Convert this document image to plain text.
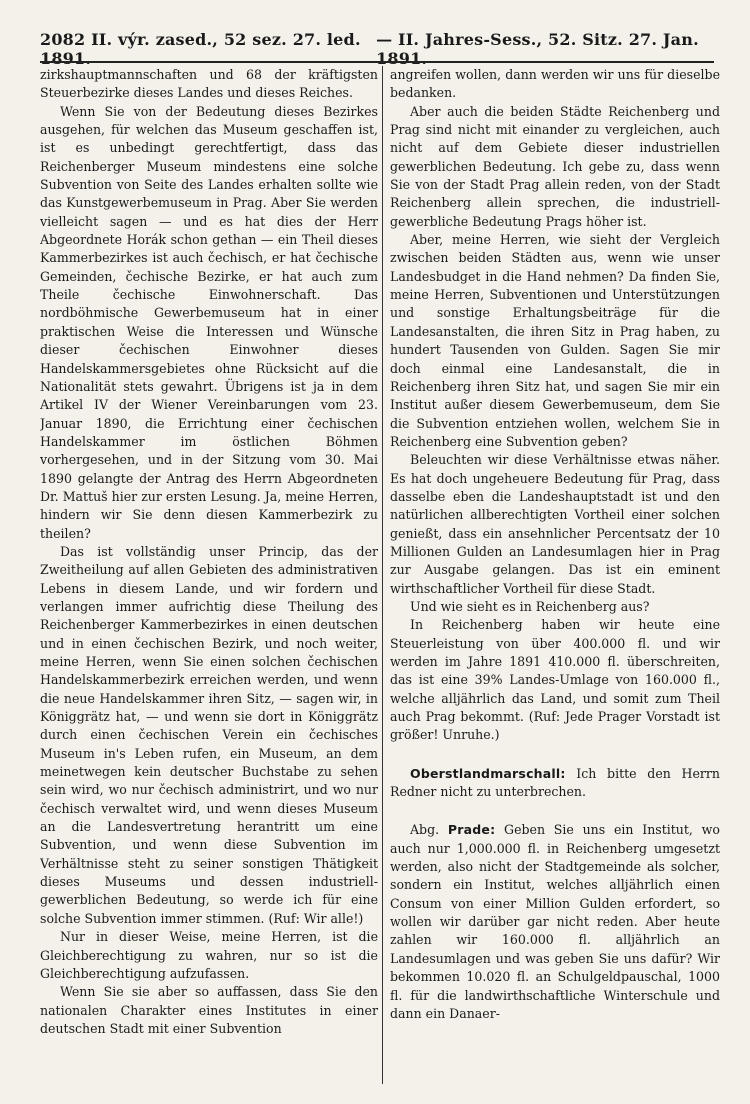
2082 II. výr. zased., 52 sez. 27. led. 1891.
— II. Jahres-Sess., 52. Sitz. 27. Jan. 1891.

zirkshauptmannschaften und 68 der kräftigsten Steuerbezirke dieses Landes und dieses Reiches.

Wenn Sie von der Bedeutung dieses Bezirkes ausgehen, für welchen das Museum geschaffen ist, ist es unbedingt gerechtfertigt, dass das Reichenberger Museum mindestens eine solche Subvention von Seite des Landes erhalten sollte wie das Kunstgewerbemuseum in Prag. Aber Sie werden vielleicht sagen — und es hat dies der Herr Abgeordnete Horák schon gethan — ein Theil dieses Kammerbezirkes ist auch čechisch, er hat čechische Gemeinden, čechische Bezirke, er hat auch zum Theile čechische Einwohnerschaft. Das nordböhmische Gewerbemuseum hat in einer praktischen Weise die Interessen und Wünsche dieser čechischen Einwohner dieses Handelskammersgebietes ohne Rücksicht auf die Nationalität stets gewahrt. Übrigens ist ja in dem Artikel IV der Wiener Vereinbarungen vom 23. Januar 1890, die Errichtung einer čechischen Handelskammer im östlichen Böhmen vorhergesehen, und in der Sitzung vom 30. Mai 1890 gelangte der Antrag des Herrn Abgeordneten Dr. Mattuš hier zur ersten Lesung. Ja, meine Herren, hindern wir Sie denn diesen Kammerbezirk zu theilen?

Das ist vollständig unser Princip, das der Zweitheilung auf allen Gebieten des administrativen Lebens in diesem Lande, und wir fordern und verlangen immer aufrichtig diese Theilung des Reichenberger Kammerbezirkes in einen deutschen und in einen čechischen Bezirk, und noch weiter, meine Herren, wenn Sie einen solchen čechischen Handelskammerbezirk erreichen werden, und wenn die neue Handelskammer ihren Sitz, — sagen wir, in Königgrätz hat, — und wenn sie dort in Königgrätz durch einen čechischen Verein ein čechisches Museum in's Leben rufen, ein Museum, an dem meinetwegen kein deutscher Buchstabe zu sehen sein wird, wo nur čechisch administrirt, und wo nur čechisch verwaltet wird, und wenn dieses Museum an die Landesvertretung herantritt um eine Subvention, und wenn diese Subvention im Verhältnisse steht zu seiner sonstigen Thätigkeit dieses Museums und dessen industriell-gewerblichen Bedeutung, so werde ich für eine solche Subvention immer stimmen. (Ruf: Wir alle!)

Nur in dieser Weise, meine Herren, ist die Gleichberechtigung zu wahren, nur so ist die Gleichberechtigung aufzufassen.

Wenn Sie sie aber so auffassen, dass Sie den nationalen Charakter eines Institutes in einer deutschen Stadt mit einer Subvention

angreifen wollen, dann werden wir uns für dieselbe bedanken.

Aber auch die beiden Städte Reichenberg und Prag sind nicht mit einander zu vergleichen, auch nicht auf dem Gebiete dieser industriellen gewerblichen Bedeutung. Ich gebe zu, dass wenn Sie von der Stadt Prag allein reden, von der Stadt Reichenberg allein sprechen, die industriell-gewerbliche Bedeutung Prags höher ist.

Aber, meine Herren, wie sieht der Vergleich zwischen beiden Städten aus, wenn wie unser Landesbudget in die Hand nehmen? Da finden Sie, meine Herren, Subventionen und Unterstützungen und sonstige Erhaltungsbeiträge für die Landesanstalten, die ihren Sitz in Prag haben, zu hundert Tausenden von Gulden. Sagen Sie mir doch einmal eine Landesanstalt, die in Reichenberg ihren Sitz hat, und sagen Sie mir ein Institut außer diesem Gewerbemuseum, dem Sie die Subvention entziehen wollen, welchem Sie in Reichenberg eine Subvention geben?

Beleuchten wir diese Verhältnisse etwas näher. Es hat doch ungeheuere Bedeutung für Prag, dass dasselbe eben die Landeshauptstadt ist und den natürlichen allberechtigten Vortheil einer solchen genießt, dass ein ansehnlicher Percentsatz der 10 Millionen Gulden an Landesumlagen hier in Prag zur Ausgabe gelangen. Das ist ein eminent wirthschaftlicher Vortheil für diese Stadt.

Und wie sieht es in Reichenberg aus?

In Reichenberg haben wir heute eine Steuerleistung von über 400.000 fl. und wir werden im Jahre 1891 410.000 fl. überschreiten, das ist eine 39% Landes-Umlage von 160.000 fl., welche alljährlich das Land, und somit zum Theil auch Prag bekommt. (Ruf: Jede Prager Vorstadt ist größer! Unruhe.)

Oberstlandmarschall: Ich bitte den Herrn Redner nicht zu unterbrechen.

Abg. Prade: Geben Sie uns ein Institut, wo auch nur 1,000.000 fl. in Reichenberg umgesetzt werden, also nicht der Stadtgemeinde als solcher, sondern ein Institut, welches alljährlich einen Consum von einer Million Gulden erfordert, so wollen wir darüber gar nicht reden. Aber heute zahlen wir 160.000 fl. alljährlich an Landesumlagen und was geben Sie uns dafür? Wir bekommen 10.020 fl. an Schulgeldpauschal, 1000 fl. für die landwirthschaftliche Winterschule und dann ein Danaer-
